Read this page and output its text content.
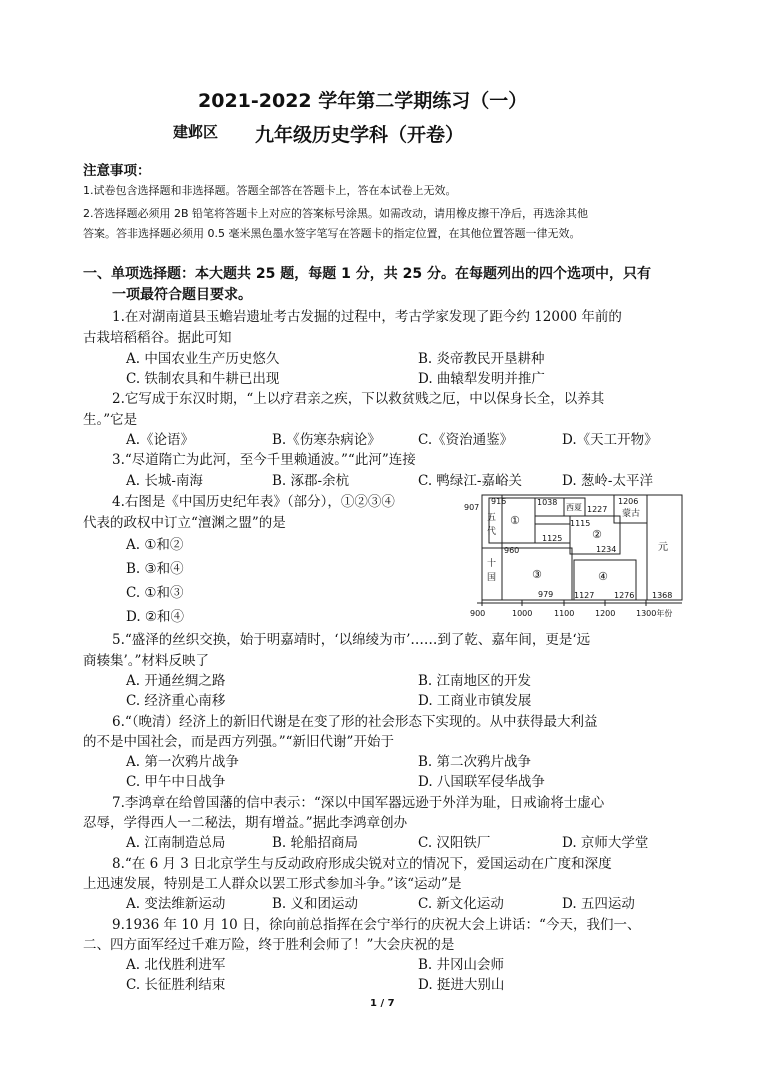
2021-2022 学年第二学期练习（一）
建邺区 九年级历史学科（开卷）
注意事项：
1.试卷包含选择题和非选择题。答题全部答在答题卡上，答在本试卷上无效。
2.答选择题必须用 2B 铅笔将答题卡上对应的答案标号涂黑。如需改动，请用橡皮擦干净后，再选涂其他
答案。答非选择题必须用 0.5 毫米黑色墨水签字笔写在答题卡的指定位置，在其他位置答题一律无效。
一、单项选择题：本大题共 25 题，每题 1 分，共 25 分。在每题列出的四个选项中，只有
一项最符合题目要求。
1.在对湖南道县玉蟾岩遗址考古发掘的过程中，考古学家发现了距今约 12000 年前的
古栽培稻稻谷。据此可知
A. 中国农业生产历史悠久	B. 炎帝教民开垦耕种
C. 铁制农具和牛耕已出现	D. 曲辕犁发明并推广
2.它写成于东汉时期，“上以疗君亲之疾，下以救贫贱之厄，中以保身长全，以养其
生。”它是
A.《论语》	B.《伤寒杂病论》	C.《资治通鉴》	D.《天工开物》
3.“尽道隋亡为此河，至今千里赖通波。”“此河”连接
A. 长城-南海	B. 涿郡-余杭	C. 鸭绿江-嘉峪关	D. 葱岭-太平洋
4.右图是《中国历史纪年表》（部分），①②③④
代表的政权中订立“澶渊之盟”的是
A. ①和②
B. ③和④
C. ①和③
D. ②和④
907
916	1038
西夏 1227
1206
蒙古
1115
1125
1234
960
979	1127 1276 1368
五
代
十
国
元
①
②
③	④
900	1000	1100	1200	1300年份
5.“盛泽的丝织交换，始于明嘉靖时，‘以绵绫为市’……到了乾、嘉年间，更是‘远
商辏集’。”材料反映了
A. 开通丝绸之路	B. 江南地区的开发
C. 经济重心南移	D. 工商业市镇发展
6.“（晚清）经济上的新旧代谢是在变了形的社会形态下实现的。从中获得最大利益
的不是中国社会，而是西方列强。”“新旧代谢”开始于
A. 第一次鸦片战争	B. 第二次鸦片战争
C. 甲午中日战争	D. 八国联军侵华战争
7.李鸿章在给曾国藩的信中表示：“深以中国军器远逊于外洋为耻，日戒谕将士虚心
忍辱，学得西人一二秘法，期有增益。”据此李鸿章创办
A. 江南制造总局	B. 轮船招商局	C. 汉阳铁厂	D. 京师大学堂
8.“在 6 月 3 日北京学生与反动政府形成尖锐对立的情况下，爱国运动在广度和深度
上迅速发展，特别是工人群众以罢工形式参加斗争。”该“运动”是
A. 变法维新运动	B. 义和团运动	C. 新文化运动	D. 五四运动
9.1936 年 10 月 10 日，徐向前总指挥在会宁举行的庆祝大会上讲话：“今天，我们一、
二、四方面军经过千难万险，终于胜利会师了！”大会庆祝的是
A. 北伐胜利进军	B. 井冈山会师
C. 长征胜利结束	D. 挺进大别山
1 / 7
